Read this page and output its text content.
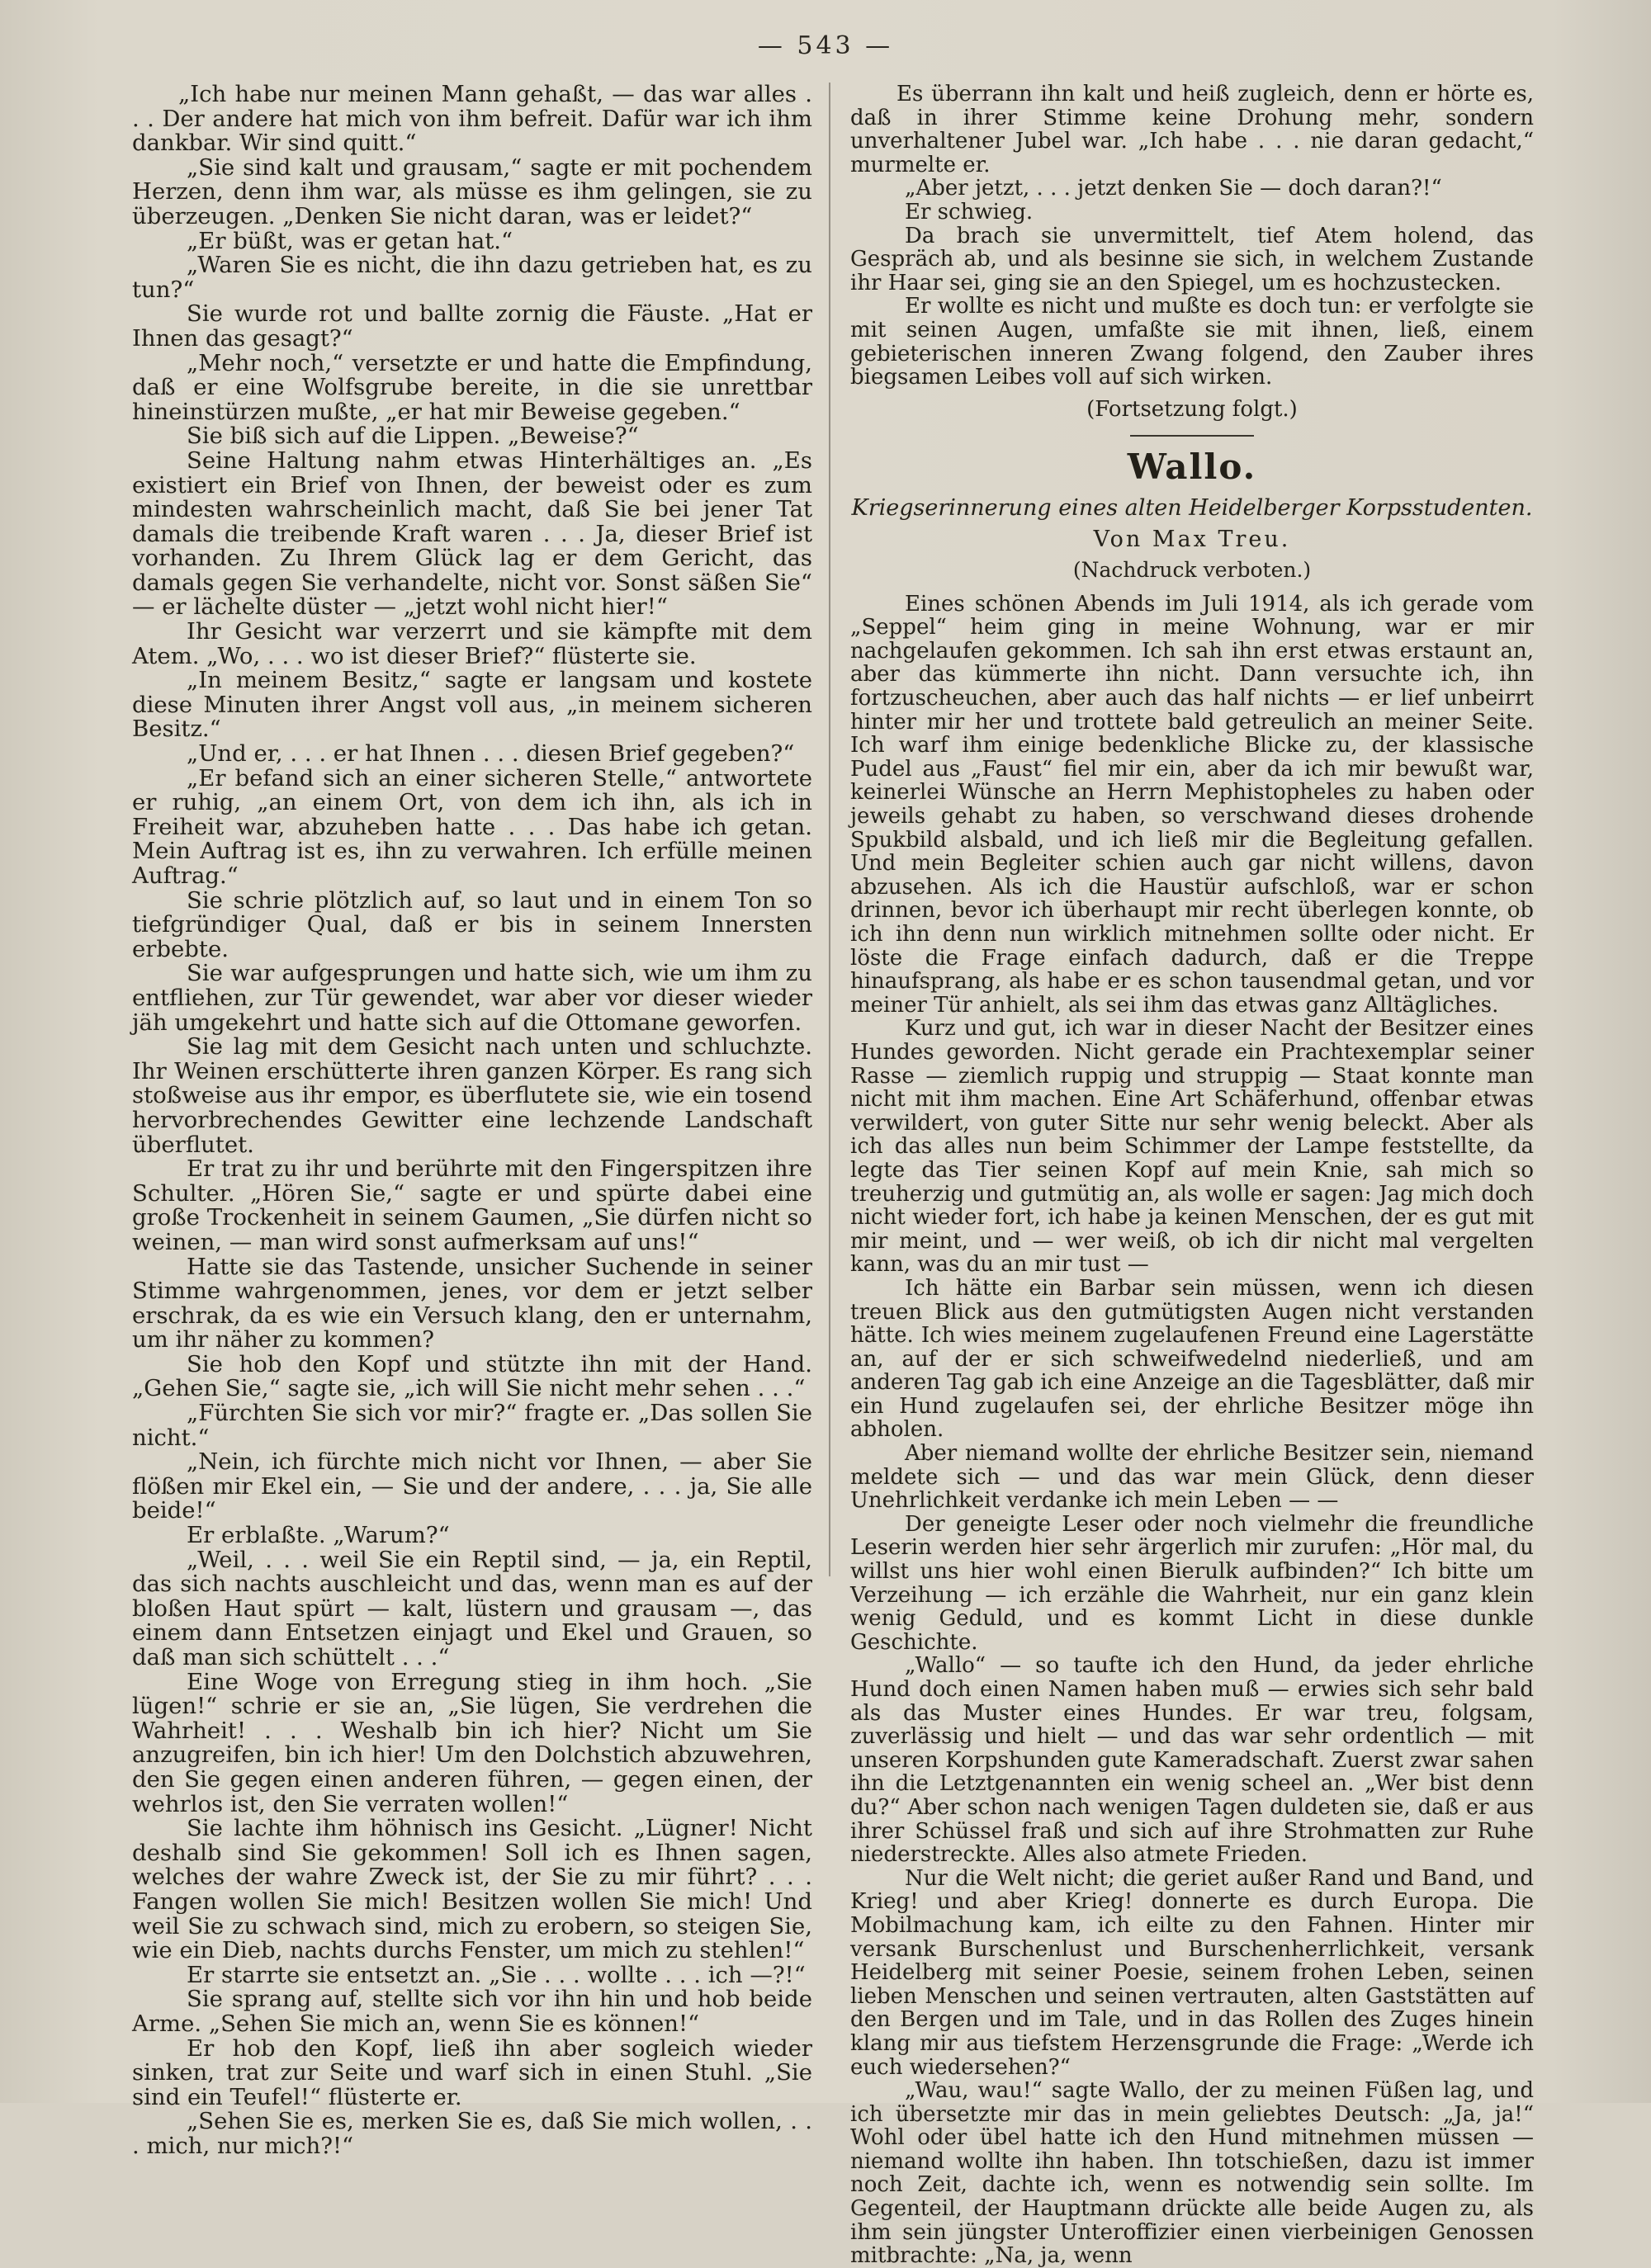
— 543 —

„Ich habe nur meinen Mann gehaßt, — das war alles . . . Der andere hat mich von ihm befreit. Dafür war ich ihm dankbar. Wir sind quitt.“

„Sie sind kalt und grausam,“ sagte er mit pochendem Herzen, denn ihm war, als müsse es ihm gelingen, sie zu überzeugen. „Denken Sie nicht daran, was er leidet?“

„Er büßt, was er getan hat.“

„Waren Sie es nicht, die ihn dazu getrieben hat, es zu tun?“

Sie wurde rot und ballte zornig die Fäuste. „Hat er Ihnen das gesagt?“

„Mehr noch,“ versetzte er und hatte die Empfindung, daß er eine Wolfsgrube bereite, in die sie unrettbar hineinstürzen mußte, „er hat mir Beweise gegeben.“

Sie biß sich auf die Lippen. „Beweise?“

Seine Haltung nahm etwas Hinterhältiges an. „Es existiert ein Brief von Ihnen, der beweist oder es zum mindesten wahrscheinlich macht, daß Sie bei jener Tat damals die treibende Kraft waren . . . Ja, dieser Brief ist vorhanden. Zu Ihrem Glück lag er dem Gericht, das damals gegen Sie verhandelte, nicht vor. Sonst säßen Sie“ — er lächelte düster — „jetzt wohl nicht hier!“

Ihr Gesicht war verzerrt und sie kämpfte mit dem Atem. „Wo, . . . wo ist dieser Brief?“ flüsterte sie.

„In meinem Besitz,“ sagte er langsam und kostete diese Minuten ihrer Angst voll aus, „in meinem sicheren Besitz.“

„Und er, . . . er hat Ihnen . . . diesen Brief gegeben?“

„Er befand sich an einer sicheren Stelle,“ antwortete er ruhig, „an einem Ort, von dem ich ihn, als ich in Freiheit war, abzuheben hatte . . . Das habe ich getan. Mein Auftrag ist es, ihn zu verwahren. Ich erfülle meinen Auftrag.“

Sie schrie plötzlich auf, so laut und in einem Ton so tiefgründiger Qual, daß er bis in seinem Innersten erbebte.

Sie war aufgesprungen und hatte sich, wie um ihm zu entfliehen, zur Tür gewendet, war aber vor dieser wieder jäh umgekehrt und hatte sich auf die Ottomane geworfen.

Sie lag mit dem Gesicht nach unten und schluchzte. Ihr Weinen erschütterte ihren ganzen Körper. Es rang sich stoßweise aus ihr empor, es überflutete sie, wie ein tosend hervorbrechendes Gewitter eine lechzende Landschaft überflutet.

Er trat zu ihr und berührte mit den Fingerspitzen ihre Schulter. „Hören Sie,“ sagte er und spürte dabei eine große Trockenheit in seinem Gaumen, „Sie dürfen nicht so weinen, — man wird sonst aufmerksam auf uns!“

Hatte sie das Tastende, unsicher Suchende in seiner Stimme wahrgenommen, jenes, vor dem er jetzt selber erschrak, da es wie ein Versuch klang, den er unternahm, um ihr näher zu kommen?

Sie hob den Kopf und stützte ihn mit der Hand. „Gehen Sie,“ sagte sie, „ich will Sie nicht mehr sehen . . .“

„Fürchten Sie sich vor mir?“ fragte er. „Das sollen Sie nicht.“

„Nein, ich fürchte mich nicht vor Ihnen, — aber Sie flößen mir Ekel ein, — Sie und der andere, . . . ja, Sie alle beide!“

Er erblaßte. „Warum?“

„Weil, . . . weil Sie ein Reptil sind, — ja, ein Reptil, das sich nachts auschleicht und das, wenn man es auf der bloßen Haut spürt — kalt, lüstern und grausam —, das einem dann Entsetzen einjagt und Ekel und Grauen, so daß man sich schüttelt . . .“

Eine Woge von Erregung stieg in ihm hoch. „Sie lügen!“ schrie er sie an, „Sie lügen, Sie verdrehen die Wahrheit! . . . Weshalb bin ich hier? Nicht um Sie anzugreifen, bin ich hier! Um den Dolchstich abzuwehren, den Sie gegen einen anderen führen, — gegen einen, der wehrlos ist, den Sie verraten wollen!“

Sie lachte ihm höhnisch ins Gesicht. „Lügner! Nicht deshalb sind Sie gekommen! Soll ich es Ihnen sagen, welches der wahre Zweck ist, der Sie zu mir führt? . . . Fangen wollen Sie mich! Besitzen wollen Sie mich! Und weil Sie zu schwach sind, mich zu erobern, so steigen Sie, wie ein Dieb, nachts durchs Fenster, um mich zu stehlen!“

Er starrte sie entsetzt an. „Sie . . . wollte . . . ich —?!“

Sie sprang auf, stellte sich vor ihn hin und hob beide Arme. „Sehen Sie mich an, wenn Sie es können!“

Er hob den Kopf, ließ ihn aber sogleich wieder sinken, trat zur Seite und warf sich in einen Stuhl. „Sie sind ein Teufel!“ flüsterte er.

„Sehen Sie es, merken Sie es, daß Sie mich wollen, . . . mich, nur mich?!“

Es überrann ihn kalt und heiß zugleich, denn er hörte es, daß in ihrer Stimme keine Drohung mehr, sondern unverhaltener Jubel war. „Ich habe . . . nie daran gedacht,“ murmelte er.

„Aber jetzt, . . . jetzt denken Sie — doch daran?!“

Er schwieg.

Da brach sie unvermittelt, tief Atem holend, das Gespräch ab, und als besinne sie sich, in welchem Zustande ihr Haar sei, ging sie an den Spiegel, um es hochzustecken.

Er wollte es nicht und mußte es doch tun: er verfolgte sie mit seinen Augen, umfaßte sie mit ihnen, ließ, einem gebieterischen inneren Zwang folgend, den Zauber ihres biegsamen Leibes voll auf sich wirken.

(Fortsetzung folgt.)

Wallo.

Kriegserinnerung eines alten Heidelberger Korpsstudenten.

Von Max Treu.

(Nachdruck verboten.)

Eines schönen Abends im Juli 1914, als ich gerade vom „Seppel“ heim ging in meine Wohnung, war er mir nachgelaufen gekommen. Ich sah ihn erst etwas erstaunt an, aber das kümmerte ihn nicht. Dann versuchte ich, ihn fortzuscheuchen, aber auch das half nichts — er lief unbeirrt hinter mir her und trottete bald getreulich an meiner Seite. Ich warf ihm einige bedenkliche Blicke zu, der klassische Pudel aus „Faust“ fiel mir ein, aber da ich mir bewußt war, keinerlei Wünsche an Herrn Mephistopheles zu haben oder jeweils gehabt zu haben, so verschwand dieses drohende Spukbild alsbald, und ich ließ mir die Begleitung gefallen. Und mein Begleiter schien auch gar nicht willens, davon abzusehen. Als ich die Haustür aufschloß, war er schon drinnen, bevor ich überhaupt mir recht überlegen konnte, ob ich ihn denn nun wirklich mitnehmen sollte oder nicht. Er löste die Frage einfach dadurch, daß er die Treppe hinaufsprang, als habe er es schon tausendmal getan, und vor meiner Tür anhielt, als sei ihm das etwas ganz Alltägliches.

Kurz und gut, ich war in dieser Nacht der Besitzer eines Hundes geworden. Nicht gerade ein Prachtexemplar seiner Rasse — ziemlich ruppig und struppig — Staat konnte man nicht mit ihm machen. Eine Art Schäferhund, offenbar etwas verwildert, von guter Sitte nur sehr wenig beleckt. Aber als ich das alles nun beim Schimmer der Lampe feststellte, da legte das Tier seinen Kopf auf mein Knie, sah mich so treuherzig und gutmütig an, als wolle er sagen: Jag mich doch nicht wieder fort, ich habe ja keinen Menschen, der es gut mit mir meint, und — wer weiß, ob ich dir nicht mal vergelten kann, was du an mir tust —

Ich hätte ein Barbar sein müssen, wenn ich diesen treuen Blick aus den gutmütigsten Augen nicht verstanden hätte. Ich wies meinem zugelaufenen Freund eine Lagerstätte an, auf der er sich schweifwedelnd niederließ, und am anderen Tag gab ich eine Anzeige an die Tagesblätter, daß mir ein Hund zugelaufen sei, der ehrliche Besitzer möge ihn abholen.

Aber niemand wollte der ehrliche Besitzer sein, niemand meldete sich — und das war mein Glück, denn dieser Unehrlichkeit verdanke ich mein Leben — —

Der geneigte Leser oder noch vielmehr die freundliche Leserin werden hier sehr ärgerlich mir zurufen: „Hör mal, du willst uns hier wohl einen Bierulk aufbinden?“ Ich bitte um Verzeihung — ich erzähle die Wahrheit, nur ein ganz klein wenig Geduld, und es kommt Licht in diese dunkle Geschichte.

„Wallo“ — so taufte ich den Hund, da jeder ehrliche Hund doch einen Namen haben muß — erwies sich sehr bald als das Muster eines Hundes. Er war treu, folgsam, zuverlässig und hielt — und das war sehr ordentlich — mit unseren Korpshunden gute Kameradschaft. Zuerst zwar sahen ihn die Letztgenannten ein wenig scheel an. „Wer bist denn du?“ Aber schon nach wenigen Tagen duldeten sie, daß er aus ihrer Schüssel fraß und sich auf ihre Strohmatten zur Ruhe niederstreckte. Alles also atmete Frieden.

Nur die Welt nicht; die geriet außer Rand und Band, und Krieg! und aber Krieg! donnerte es durch Europa. Die Mobilmachung kam, ich eilte zu den Fahnen. Hinter mir versank Burschenlust und Burschenherrlichkeit, versank Heidelberg mit seiner Poesie, seinem frohen Leben, seinen lieben Menschen und seinen vertrauten, alten Gaststätten auf den Bergen und im Tale, und in das Rollen des Zuges hinein klang mir aus tiefstem Herzensgrunde die Frage: „Werde ich euch wiedersehen?“

„Wau, wau!“ sagte Wallo, der zu meinen Füßen lag, und ich übersetzte mir das in mein geliebtes Deutsch: „Ja, ja!“ Wohl oder übel hatte ich den Hund mitnehmen müssen — niemand wollte ihn haben. Ihn totschießen, dazu ist immer noch Zeit, dachte ich, wenn es notwendig sein sollte. Im Gegenteil, der Hauptmann drückte alle beide Augen zu, als ihm sein jüngster Unteroffizier einen vierbeinigen Genossen mitbrachte: „Na, ja, wenn
